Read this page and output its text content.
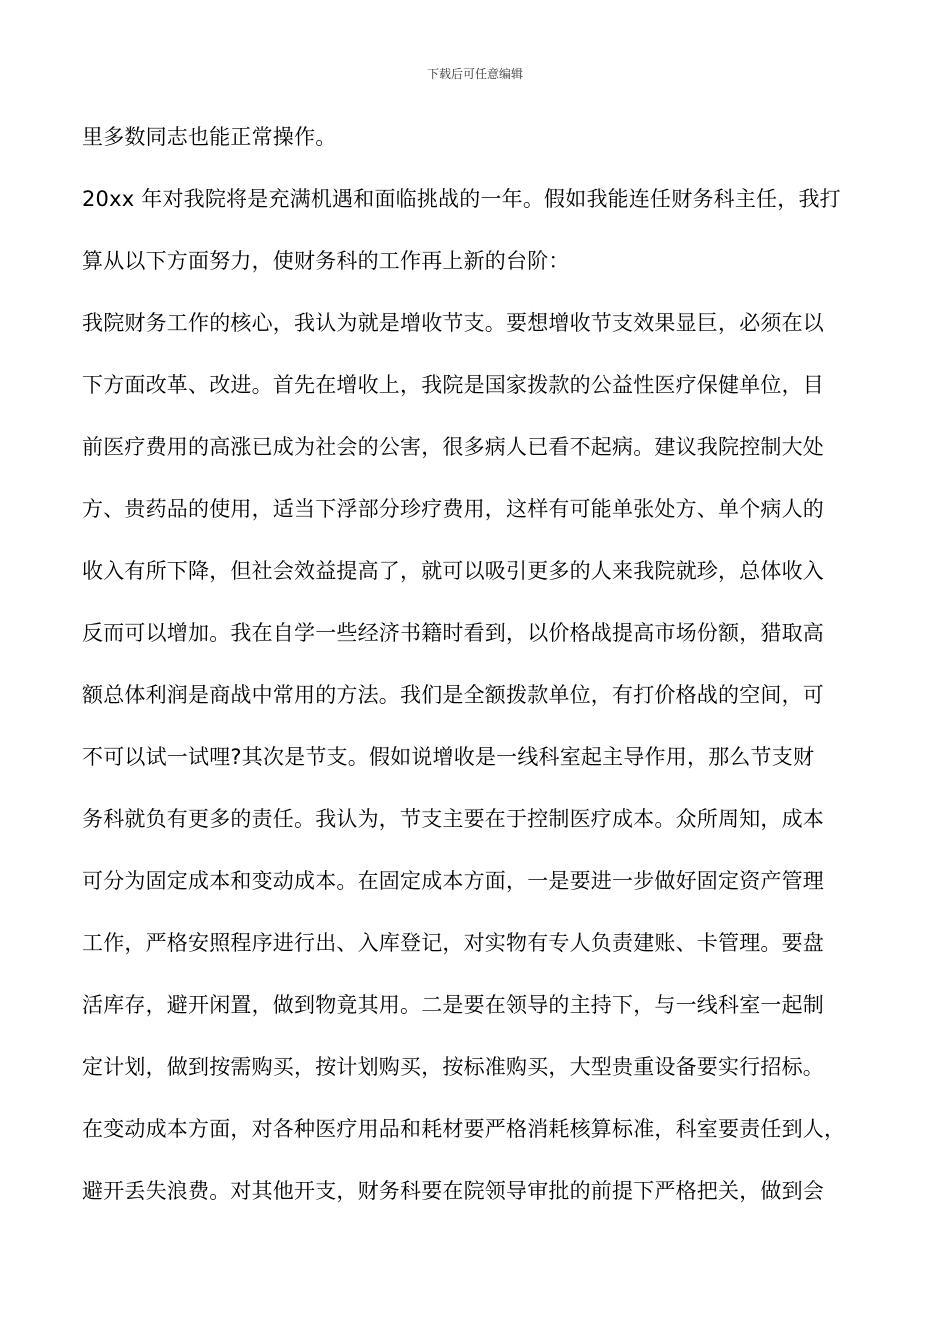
下载后可任意编辑
里多数同志也能正常操作。
20xx 年对我院将是充满机遇和面临挑战的一年。假如我能连任财务科主任，我打
算从以下方面努力，使财务科的工作再上新的台阶：
我院财务工作的核心，我认为就是增收节支。要想增收节支效果显巨，必须在以
下方面改革、改进。首先在增收上，我院是国家拨款的公益性医疗保健单位，目
前医疗费用的高涨已成为社会的公害，很多病人已看不起病。建议我院控制大处
方、贵药品的使用，适当下浮部分珍疗费用，这样有可能单张处方、单个病人的
收入有所下降，但社会效益提高了，就可以吸引更多的人来我院就珍，总体收入
反而可以增加。我在自学一些经济书籍时看到，以价格战提高市场份额，猎取高
额总体利润是商战中常用的方法。我们是全额拨款单位，有打价格战的空间，可
不可以试一试哩?其次是节支。假如说增收是一线科室起主导作用，那么节支财
务科就负有更多的责任。我认为，节支主要在于控制医疗成本。众所周知，成本
可分为固定成本和变动成本。在固定成本方面，一是要进一步做好固定资产管理
工作，严格安照程序进行出、入库登记，对实物有专人负责建账、卡管理。要盘
活库存，避开闲置，做到物竟其用。二是要在领导的主持下，与一线科室一起制
定计划，做到按需购买，按计划购买，按标准购买，大型贵重设备要实行招标。
在变动成本方面，对各种医疗用品和耗材要严格消耗核算标准，科室要责任到人，
避开丢失浪费。对其他开支，财务科要在院领导审批的前提下严格把关，做到会
